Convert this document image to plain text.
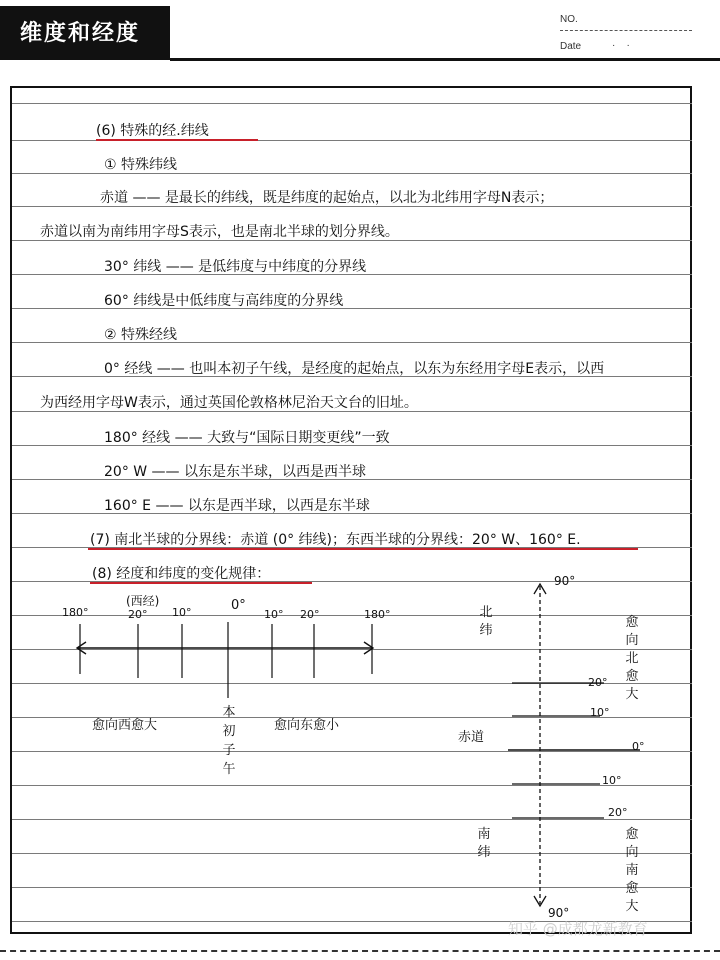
维度和经度
NO.
Date	·    ·
(6) 特殊的经.纬线
① 特殊纬线
赤道 —— 是最长的纬线，既是纬度的起始点，以北为北纬用字母N表示；
赤道以南为南纬用字母S表示，也是南北半球的划分界线。
30° 纬线 —— 是低纬度与中纬度的分界线
60° 纬线是中低纬度与高纬度的分界线
② 特殊经线
0° 经线 —— 也叫本初子午线，是经度的起始点，以东为东经用字母E表示，以西
为西经用字母W表示，通过英国伦敦格林尼治天文台的旧址。
180° 经线 —— 大致与“国际日期变更线”一致
20° W —— 以东是东半球，以西是西半球
160° E —— 以东是西半球，以西是东半球
(7) 南北半球的分界线：赤道 (0° 纬线)；东西半球的分界线：20° W、160° E.
(8) 经度和纬度的变化规律：
(西经)
180°	20° 10°	0°
10° 20°	180°
愈向西愈大	愈向东愈小
本
初
子
午
90°
90°
北
纬
南
纬
赤道
20°
10°
0°
10°
20°
愈
向
北
愈
大
愈
向
南
愈
大
知乎 @成都龙新教育
